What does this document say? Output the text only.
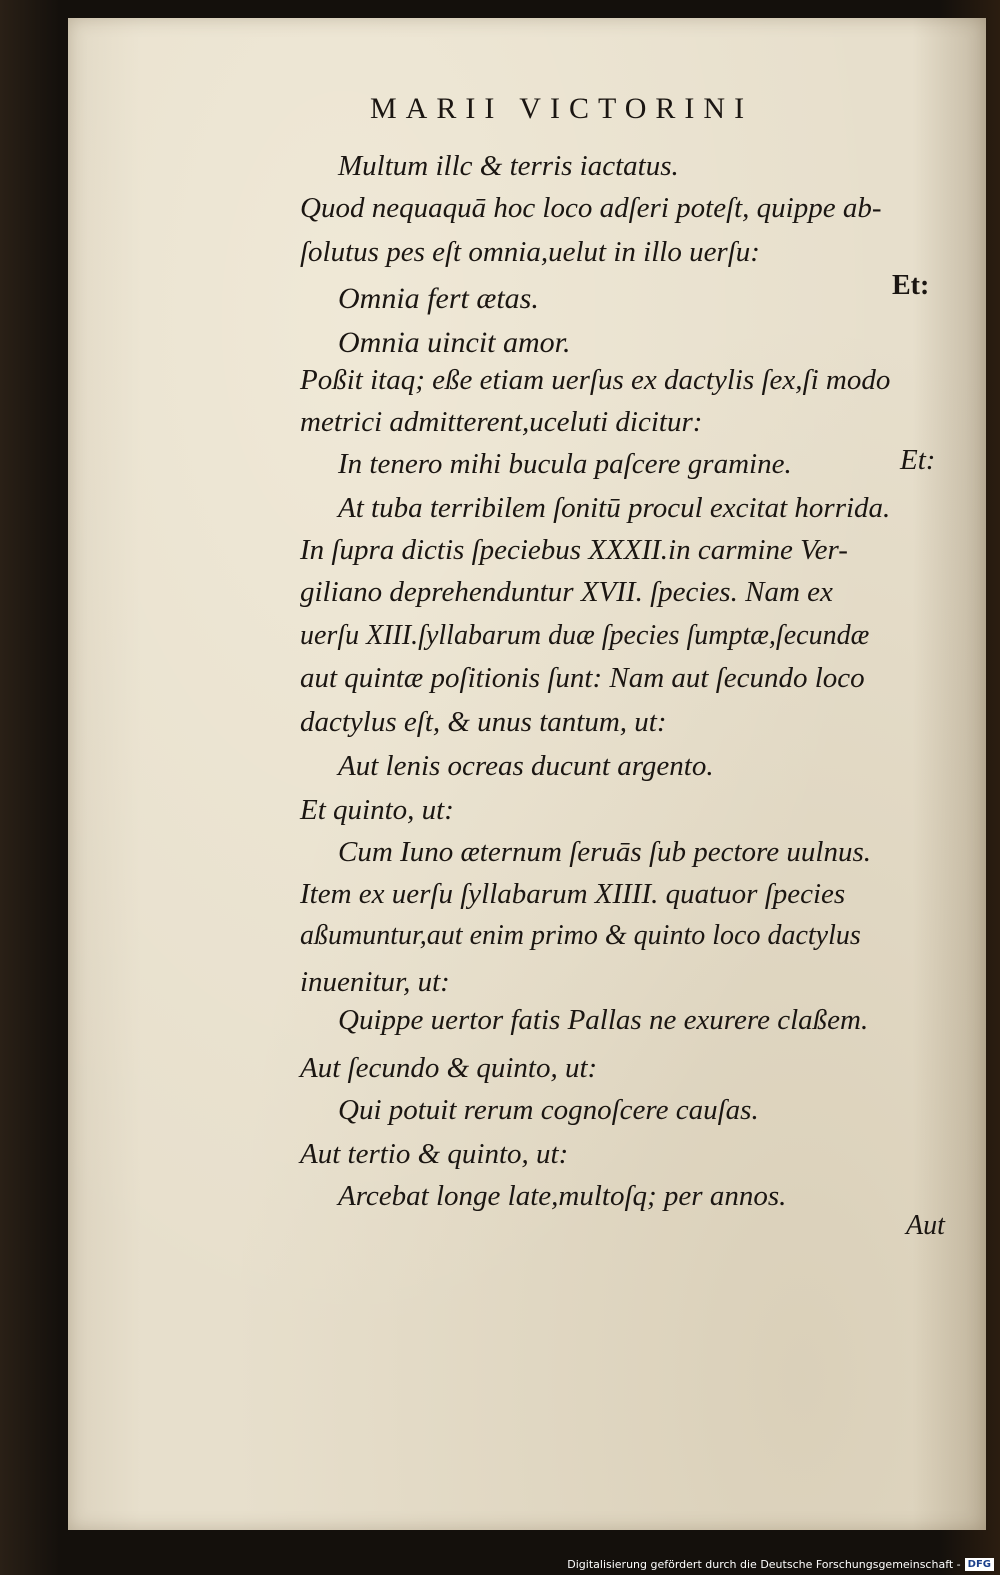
MARII VICTORINI
Multum illc & terris iactatus.
Quod nequaquā hoc loco adſeri poteſt, quippe ab-
ſolutus pes eſt omnia,uelut in illo uerſu:
Omnia fert ætas.	Et:
Omnia uincit amor.
Poßit itaq; eße etiam uerſus ex dactylis ſex,ſi modo
metrici admitterent,uceluti dicitur:
In tenero mihi bucula paſcere gramine.	Et:
At tuba terribilem ſonitū procul excitat horrida.
In ſupra dictis ſpeciebus XXXII.in carmine Ver-
giliano deprehenduntur XVII. ſpecies. Nam ex
uerſu XIII.ſyllabarum duæ ſpecies ſumptæ,ſecundæ
aut quintæ poſitionis ſunt: Nam aut ſecundo loco
dactylus eſt, & unus tantum, ut:
Aut lenis ocreas ducunt argento.
Et quinto, ut:
Cum Iuno æternum ſeruās ſub pectore uulnus.
Item ex uerſu ſyllabarum XIIII. quatuor ſpecies
aßumuntur,aut enim primo & quinto loco dactylus
inuenitur, ut:
Quippe uertor fatis Pallas ne exurere claßem.
Aut ſecundo & quinto, ut:
Qui potuit rerum cognoſcere cauſas.
Aut tertio & quinto, ut:
Arcebat longe late,multoſq; per annos.
Aut
Digitalisierung gefördert durch die Deutsche Forschungsgemeinschaft - DFG
